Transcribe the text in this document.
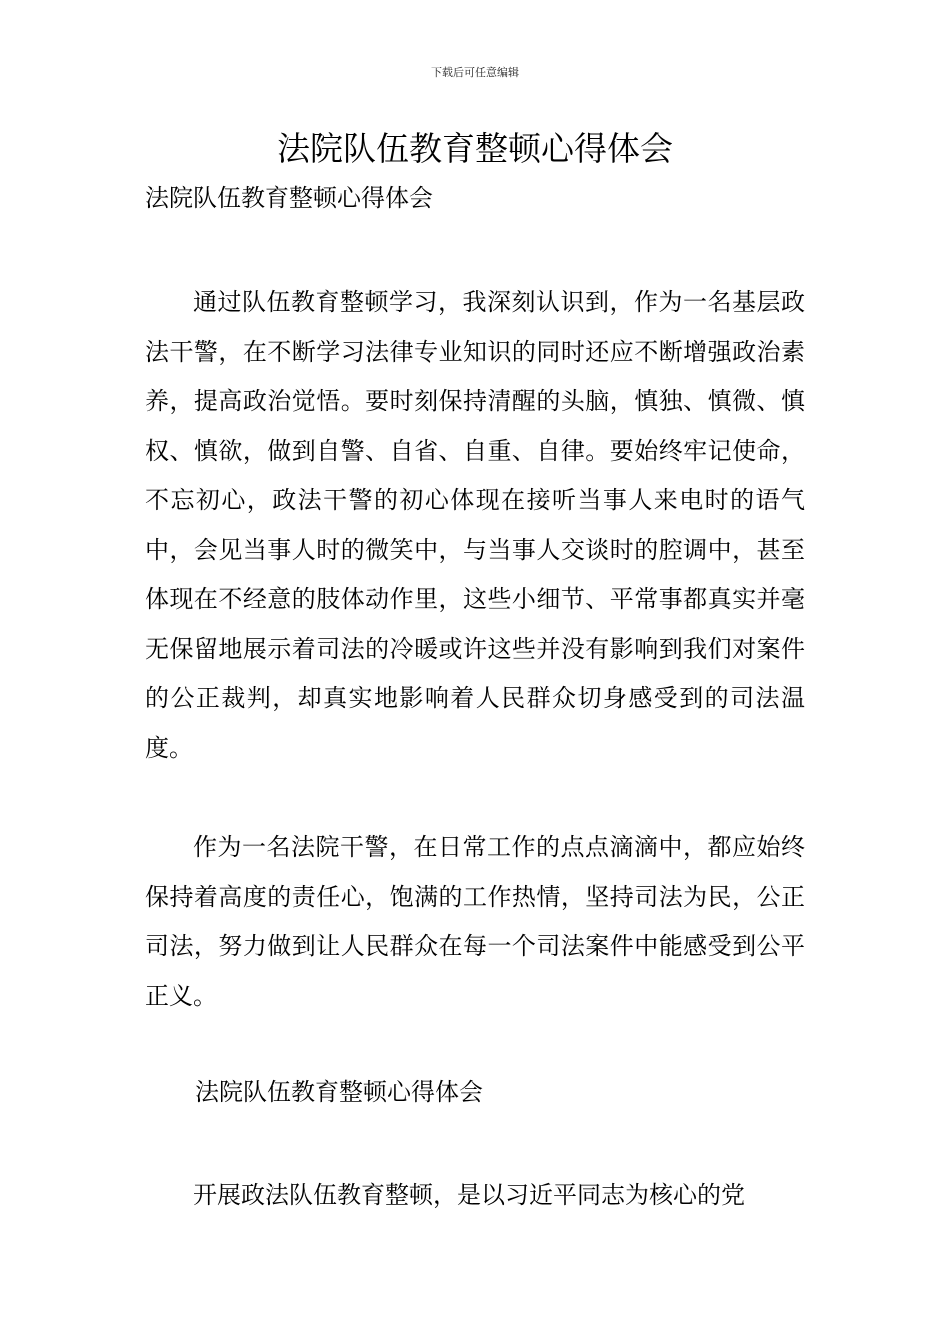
下载后可任意编辑
法院队伍教育整顿心得体会
法院队伍教育整顿心得体会

通过队伍教育整顿学习，我深刻认识到，作为一名基层政法干警，在不断学习法律专业知识的同时还应不断增强政治素养，提高政治觉悟。要时刻保持清醒的头脑，慎独、慎微、慎权、慎欲，做到自警、自省、自重、自律。要始终牢记使命，不忘初心，政法干警的初心体现在接听当事人来电时的语气中，会见当事人时的微笑中，与当事人交谈时的腔调中，甚至体现在不经意的肢体动作里，这些小细节、平常事都真实并毫无保留地展示着司法的冷暖或许这些并没有影响到我们对案件的公正裁判，却真实地影响着人民群众切身感受到的司法温度。

作为一名法院干警，在日常工作的点点滴滴中，都应始终保持着高度的责任心，饱满的工作热情，坚持司法为民，公正司法，努力做到让人民群众在每一个司法案件中能感受到公平正义。

法院队伍教育整顿心得体会

开展政法队伍教育整顿，是以习近平同志为核心的党
